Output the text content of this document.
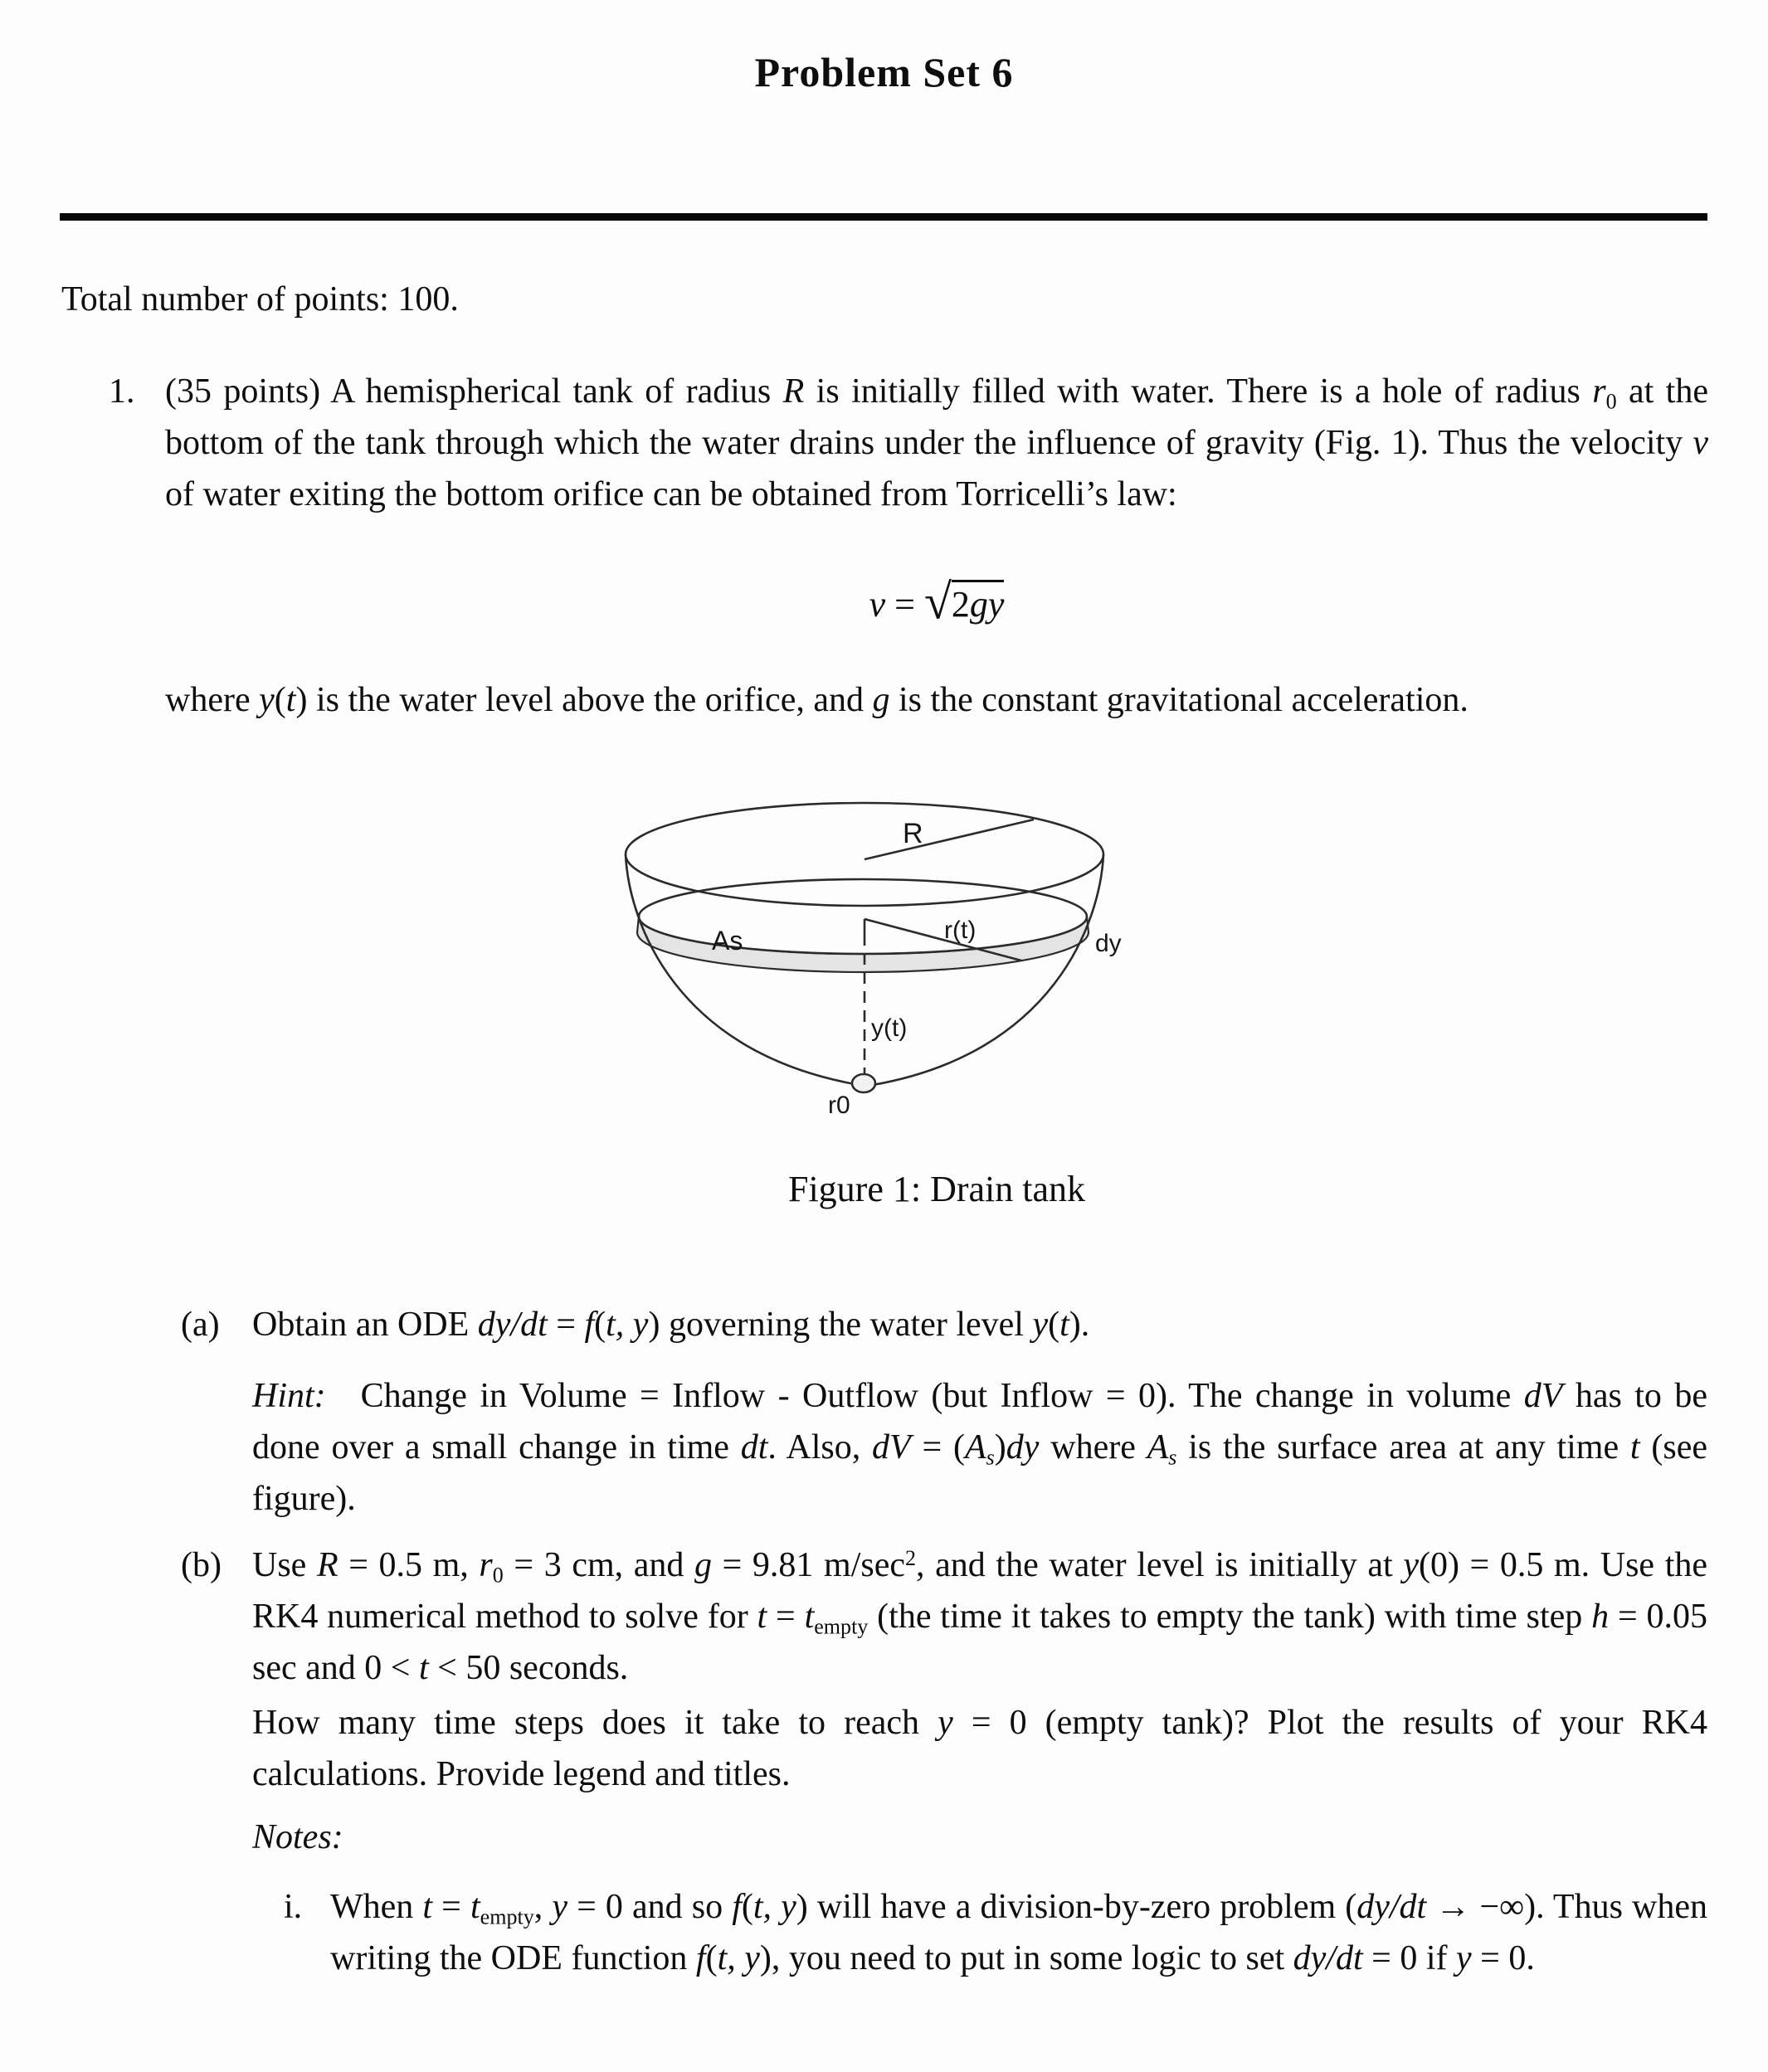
Problem Set 6
Total number of points: 100.
1. (35 points) A hemispherical tank of radius R is initially filled with water. There is a hole of radius $r_0$ at the bottom of the tank through which the water drains under the influence of gravity (Fig. 1). Thus the velocity v of water exiting the bottom orifice can be obtained from Torricelli’s law:
v = √2gy
where y(t) is the water level above the orifice, and g is the constant gravitational acceleration.
R
As	r(t)	dy
y(t)
r0
Figure 1: Drain tank
(a) Obtain an ODE dy/dt = f(t, y) governing the water level y(t).
Hint: Change in Volume = Inflow - Outflow (but Inflow = 0). The change in volume dV has to be done over a small change in time dt. Also, dV = $(A_s)dy$ where $A_s$ is the surface area at any time t (see figure).
(b) Use R = 0.5 m, $r_0 = 3$ cm, and g = 9.81 $m/\sec^2$, and the water level is initially at y(0) = 0.5 m. Use the RK4 numerical method to solve for $t = t_{empty}$ (the time it takes to empty the tank) with time step h = 0.05 sec and 0 < t < 50 seconds.
How many time steps does it take to reach y = 0 (empty tank)? Plot the results of your RK4 calculations. Provide legend and titles.
Notes:
i. When $t = t_{empty}$, y = 0 and so f(t, y) will have a division-by-zero problem (dy/dt → −∞). Thus when writing the ODE function f(t, y), you need to put in some logic to set dy/dt = 0 if y = 0.
